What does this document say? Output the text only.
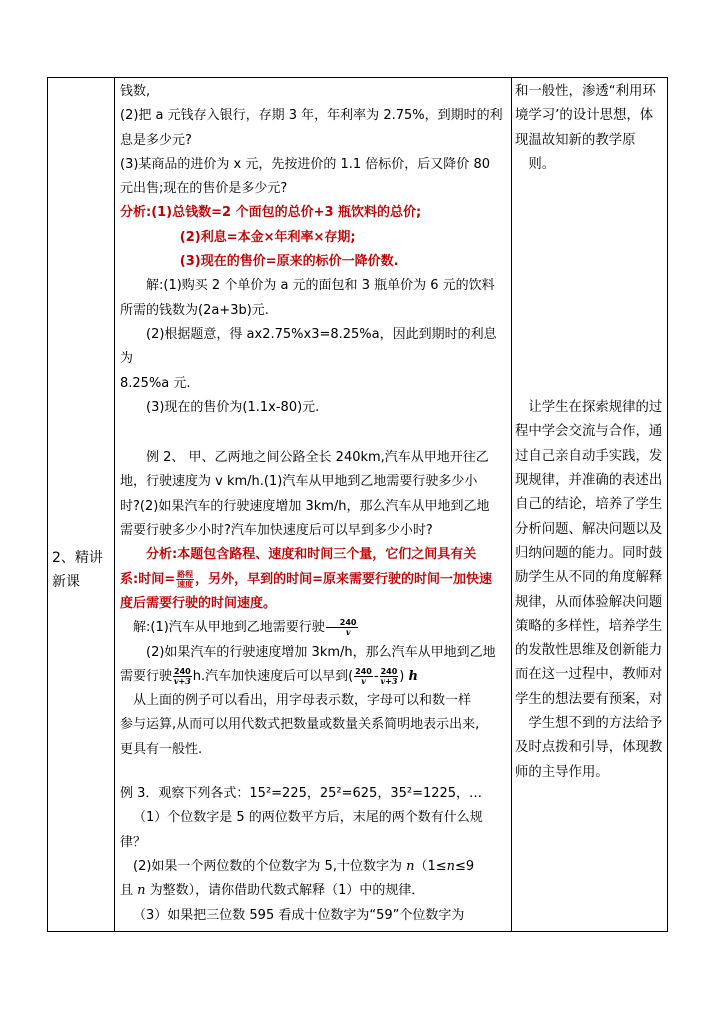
2、精讲新课

钱数,

(2)把 a 元钱存入银行，存期 3 年，年利率为 2.75%，到期时的利

息是多少元?

(3)某商品的进价为 x 元，先按进价的 1.1 倍标价，后又降价 80

元出售;现在的售价是多少元?

分析:(1)总钱数=2 个面包的总价+3 瓶饮料的总价;

(2)利息=本金×年利率×存期;

(3)现在的售价=原来的标价一降价数.

解:(1)购买 2 个单价为 a 元的面包和 3 瓶单价为 6 元的饮料

所需的钱数为(2a+3b)元.

(2)根据题意，得 ax2.75%x3=8.25%a，因此到期时的利息为

8.25%a 元.

(3)现在的售价为(1.1x-80)元.

例 2、 甲、乙两地之间公路全长 240km,汽车从甲地开往乙

地，行驶速度为 v km/h.(1)汽车从甲地到乙地需要行驶多少小

时?(2)如果汽车的行驶速度增加 3km/h，那么汽车从甲地到乙地

需要行驶多少小时?汽车加快速度后可以早到多少小时?

分析:本题包含路程、速度和时间三个量，它们之间具有关

系:时间= $\frac{\text{路程}}{\text{速度}}$ ，另外，早到的时间=原来需要行驶的时间一加快速

度后需要行驶的时间速度。

解:(1)汽车从甲地到乙地需要行驶 $\frac{240}{v}$

(2)如果汽车的行驶速度增加 3km/h，那么汽车从甲地到乙地

需要行驶 $\frac{240}{v+3} h$.汽车加快速度后可以早到( $\frac{240}{v} - \frac{240}{v+3}$ ) h

从上面的例子可以看出，用字母表示数，字母可以和数一样

参与运算,从而可以用代数式把数量或数量关系简明地表示出来,

更具有一般性.

例 3．观察下列各式：15²=225，25²=625，35²=1225，…

（1）个位数字是 5 的两位数平方后，末尾的两个数有什么规

律？

(2)如果一个两位数的个位数字为 5,十位数字为 n（1≤n≤9

且 n 为整数），请你借助代数式解释（1）中的规律．

（3）如果把三位数 595 看成十位数字为“59”个位数字为

和一般性，渗透“利用环

境学习’的设计思想，体

现温故知新的教学原

则。

让学生在探索规律的过

程中学会交流与合作，通

过自己亲自动手实践，发

现规律，并准确的表述出

自己的结论，培养了学生

分析问题、解决问题以及

归纳问题的能力。同时鼓

励学生从不同的角度解释

规律，从而体验解决问题

策略的多样性，培养学生

的发散性思维及创新能力

而在这一过程中，教师对

学生的想法要有预案，对

学生想不到的方法给予

及时点拨和引导，体现教

师的主导作用。
